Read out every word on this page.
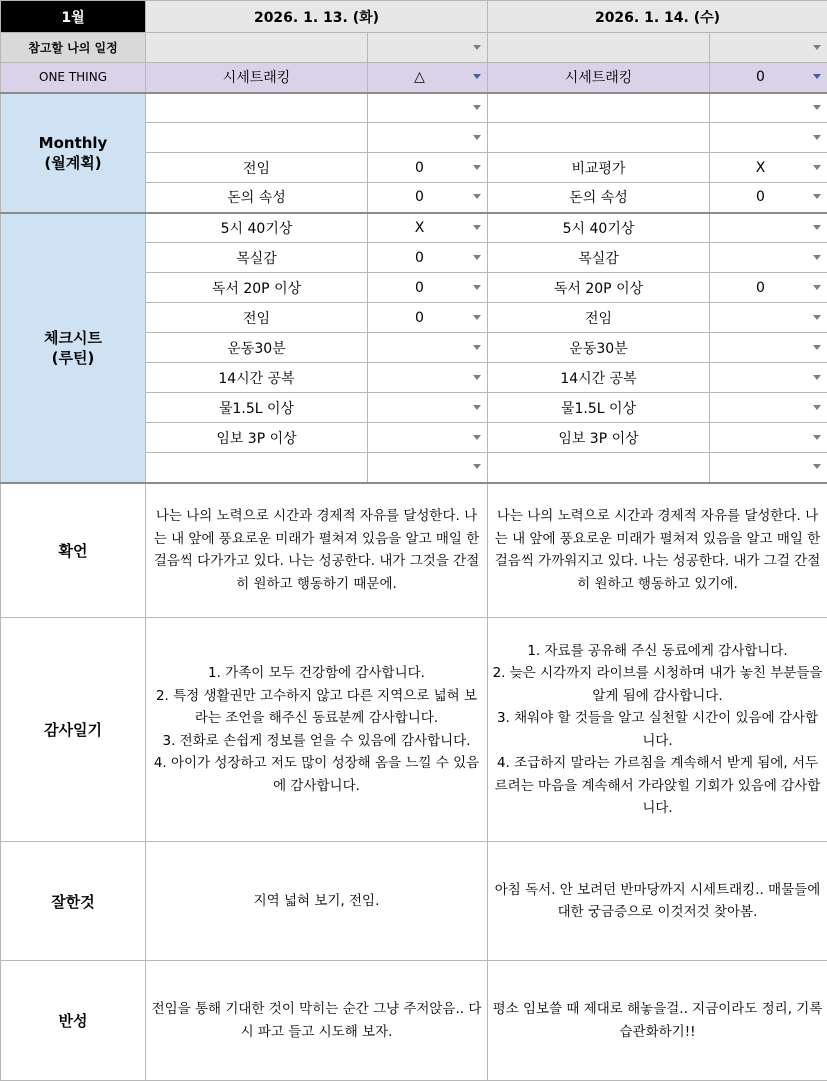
1월	2026. 1. 13. (화)		2026. 1. 14. (수)	
참고할 나의 일정		

ONE THING	시세트래킹	△	시세트래킹	0

Monthly
(월계획)		

	전임	0	비교평가	X

	돈의 속성	0	돈의 속성	0

체크시트
(루틴)	5시 40기상	X	5시 40기상	

	목실감	0	목실감	

	독서 20P 이상	0	독서 20P 이상	0

	전임	0	전임	

	운동30분		운동30분	

	14시간 공복		14시간 공복	

	물1.5L 이상		물1.5L 이상	

	임보 3P 이상		임보 3P 이상	

확언	나는 나의 노력으로 시간과 경제적 자유를 달성한다. 나는 내 앞에 풍요로운 미래가 펼쳐져 있음을 알고 매일 한 걸음씩 다가가고 있다. 나는 성공한다. 내가 그것을 간절히 원하고 행동하기 때문에.		나는 나의 노력으로 시간과 경제적 자유를 달성한다. 나는 내 앞에 풍요로운 미래가 펼쳐져 있음을 알고 매일 한 걸음씩 가까워지고 있다. 나는 성공한다. 내가 그걸 간절히 원하고 행동하고 있기에.	
감사일기	1. 가족이 모두 건강함에 감사합니다.
2. 특정 생활권만 고수하지 않고 다른 지역으로 넓혀 보라는 조언을 해주신 동료분께 감사합니다.
3. 전화로 손쉽게 정보를 얻을 수 있음에 감사합니다.
4. 아이가 성장하고 저도 많이 성장해 옴을 느낄 수 있음에 감사합니다.		1. 자료를 공유해 주신 동료에게 감사합니다.
2. 늦은 시각까지 라이브를 시청하며 내가 놓친 부분들을 알게 됨에 감사합니다.
3. 채워야 할 것들을 알고 실천할 시간이 있음에 감사합니다.
4. 조급하지 말라는 가르침을 계속해서 받게 됨에, 서두르려는 마음을 계속해서 가라앉힐 기회가 있음에 감사합니다.	
잘한것	지역 넓혀 보기, 전임.		아침 독서. 안 보려던 반마당까지 시세트래킹.. 매물들에 대한 궁금증으로 이것저것 찾아봄.	
반성	전임을 통해 기대한 것이 막히는 순간 그냥 주저앉음.. 다시 파고 들고 시도해 보자.		평소 임보쓸 때 제대로 해놓을걸.. 지금이라도 정리, 기록 습관화하기!!	
